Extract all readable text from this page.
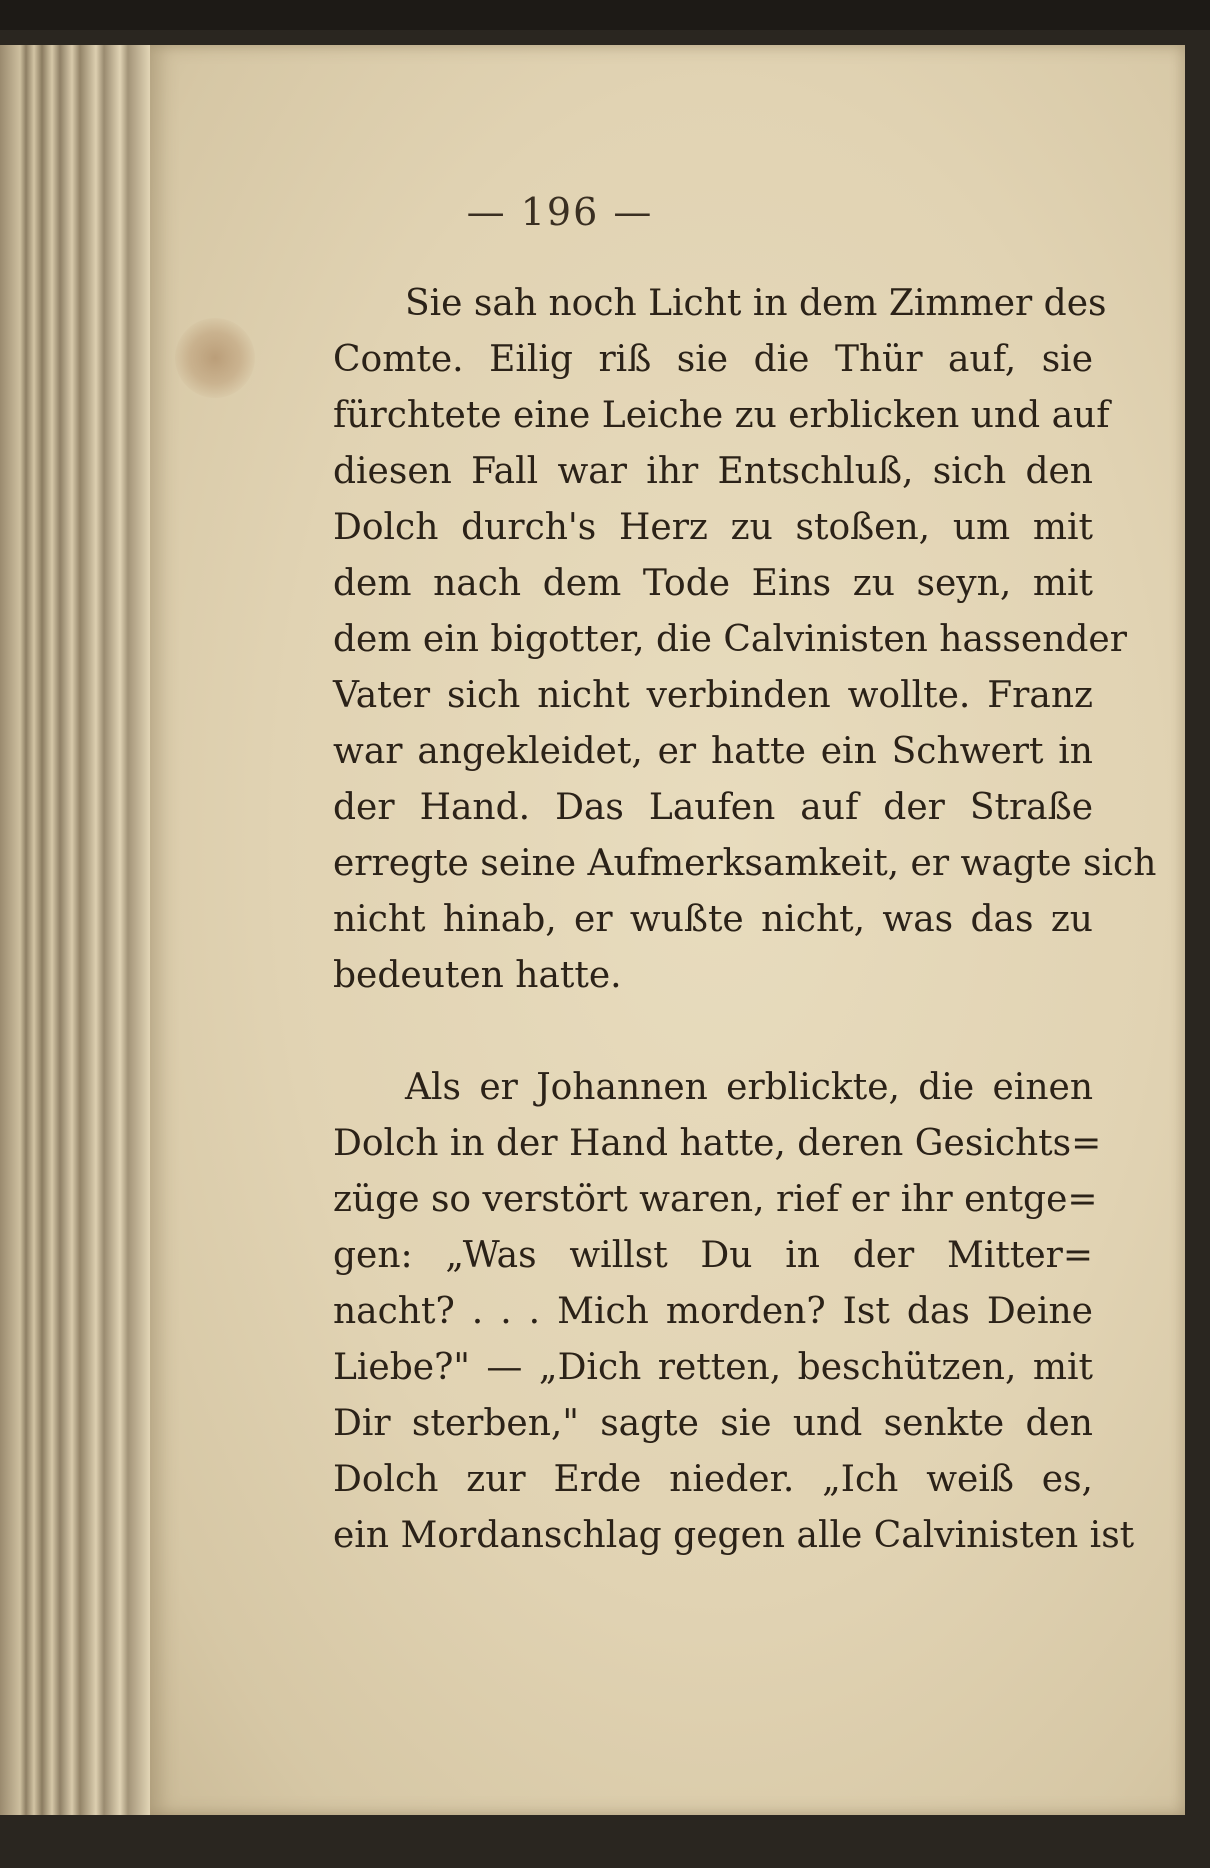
— 196 —
Sie sah noch Licht in dem Zimmer des
Comte. Eilig riß sie die Thür auf, sie
fürchtete eine Leiche zu erblicken und auf
diesen Fall war ihr Entschluß, sich den
Dolch durch's Herz zu stoßen, um mit
dem nach dem Tode Eins zu seyn, mit
dem ein bigotter, die Calvinisten hassender
Vater sich nicht verbinden wollte. Franz
war angekleidet, er hatte ein Schwert in
der Hand. Das Laufen auf der Straße
erregte seine Aufmerksamkeit, er wagte sich
nicht hinab, er wußte nicht, was das zu
bedeuten hatte.
Als er Johannen erblickte, die einen
Dolch in der Hand hatte, deren Gesichts=
züge so verstört waren, rief er ihr entge=
gen: „Was willst Du in der Mitter=
nacht? . . . Mich morden? Ist das Deine
Liebe?" — „Dich retten, beschützen, mit
Dir sterben," sagte sie und senkte den
Dolch zur Erde nieder. „Ich weiß es,
ein Mordanschlag gegen alle Calvinisten ist
